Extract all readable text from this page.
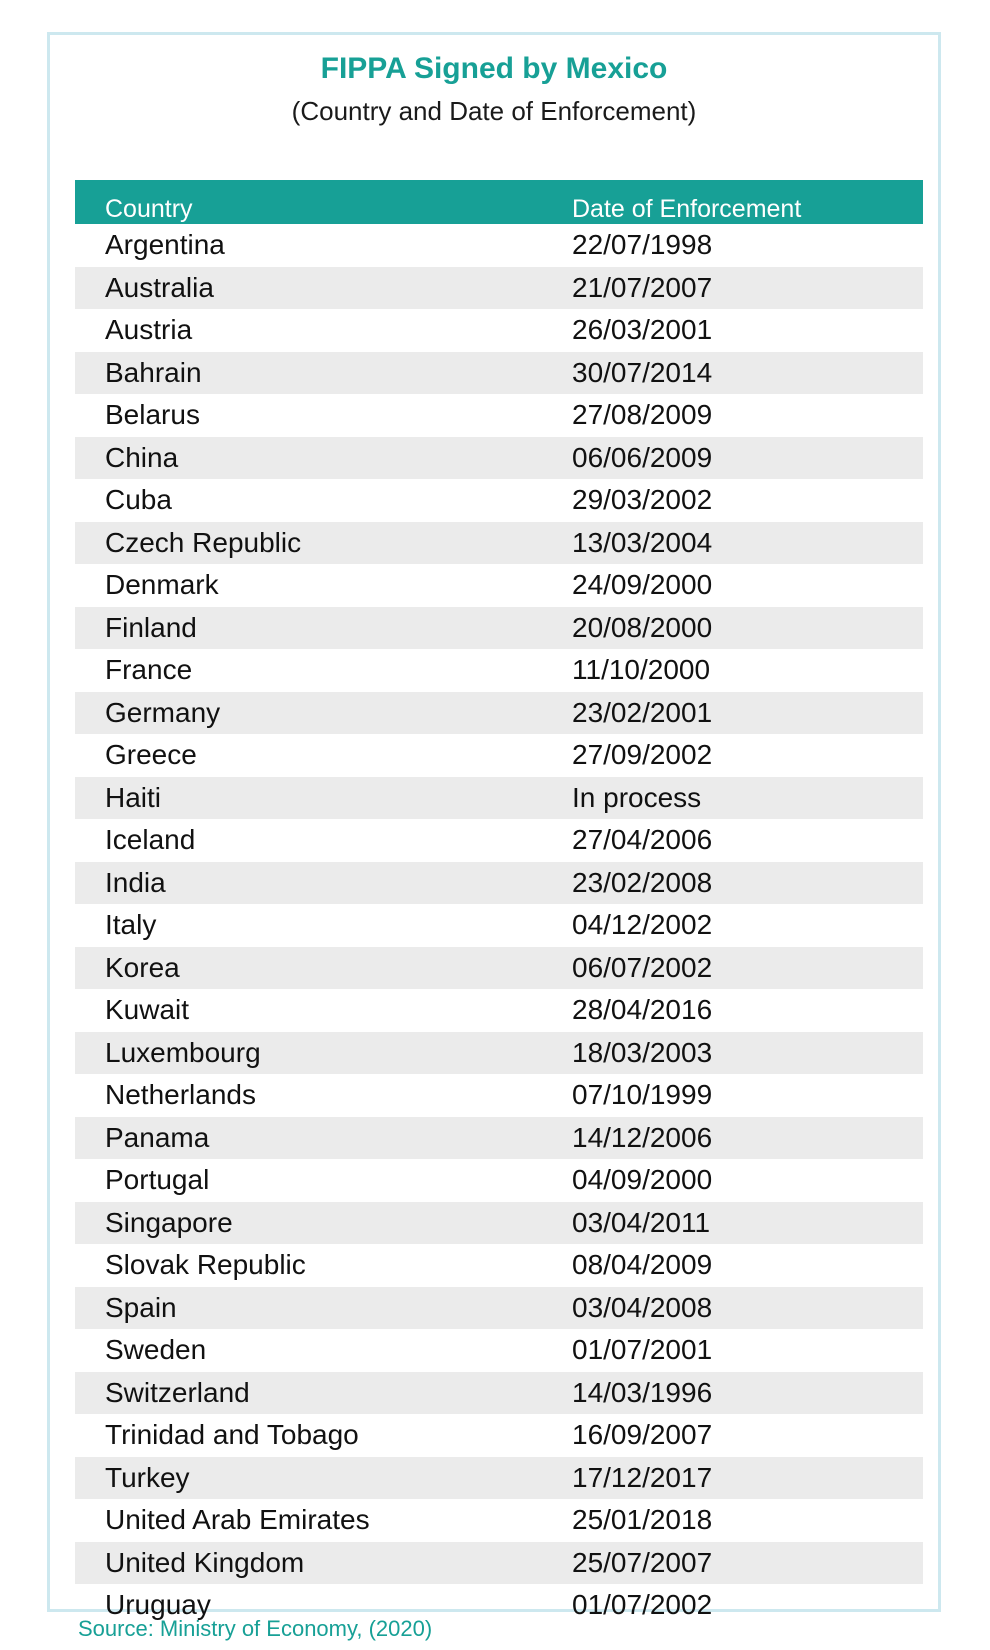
FIPPA Signed by Mexico
(Country and Date of Enforcement)
Country	Date of Enforcement
Argentina	22/07/1998
Australia	21/07/2007
Austria	26/03/2001
Bahrain	30/07/2014
Belarus	27/08/2009
China	06/06/2009
Cuba	29/03/2002
Czech Republic	13/03/2004
Denmark	24/09/2000
Finland	20/08/2000
France	11/10/2000
Germany	23/02/2001
Greece	27/09/2002
Haiti	In process
Iceland	27/04/2006
India	23/02/2008
Italy	04/12/2002
Korea	06/07/2002
Kuwait	28/04/2016
Luxembourg	18/03/2003
Netherlands	07/10/1999
Panama	14/12/2006
Portugal	04/09/2000
Singapore	03/04/2011
Slovak Republic	08/04/2009
Spain	03/04/2008
Sweden	01/07/2001
Switzerland	14/03/1996
Trinidad and Tobago	16/09/2007
Turkey	17/12/2017
United Arab Emirates	25/01/2018
United Kingdom	25/07/2007
Uruguay	01/07/2002
Source: Ministry of Economy, (2020)
